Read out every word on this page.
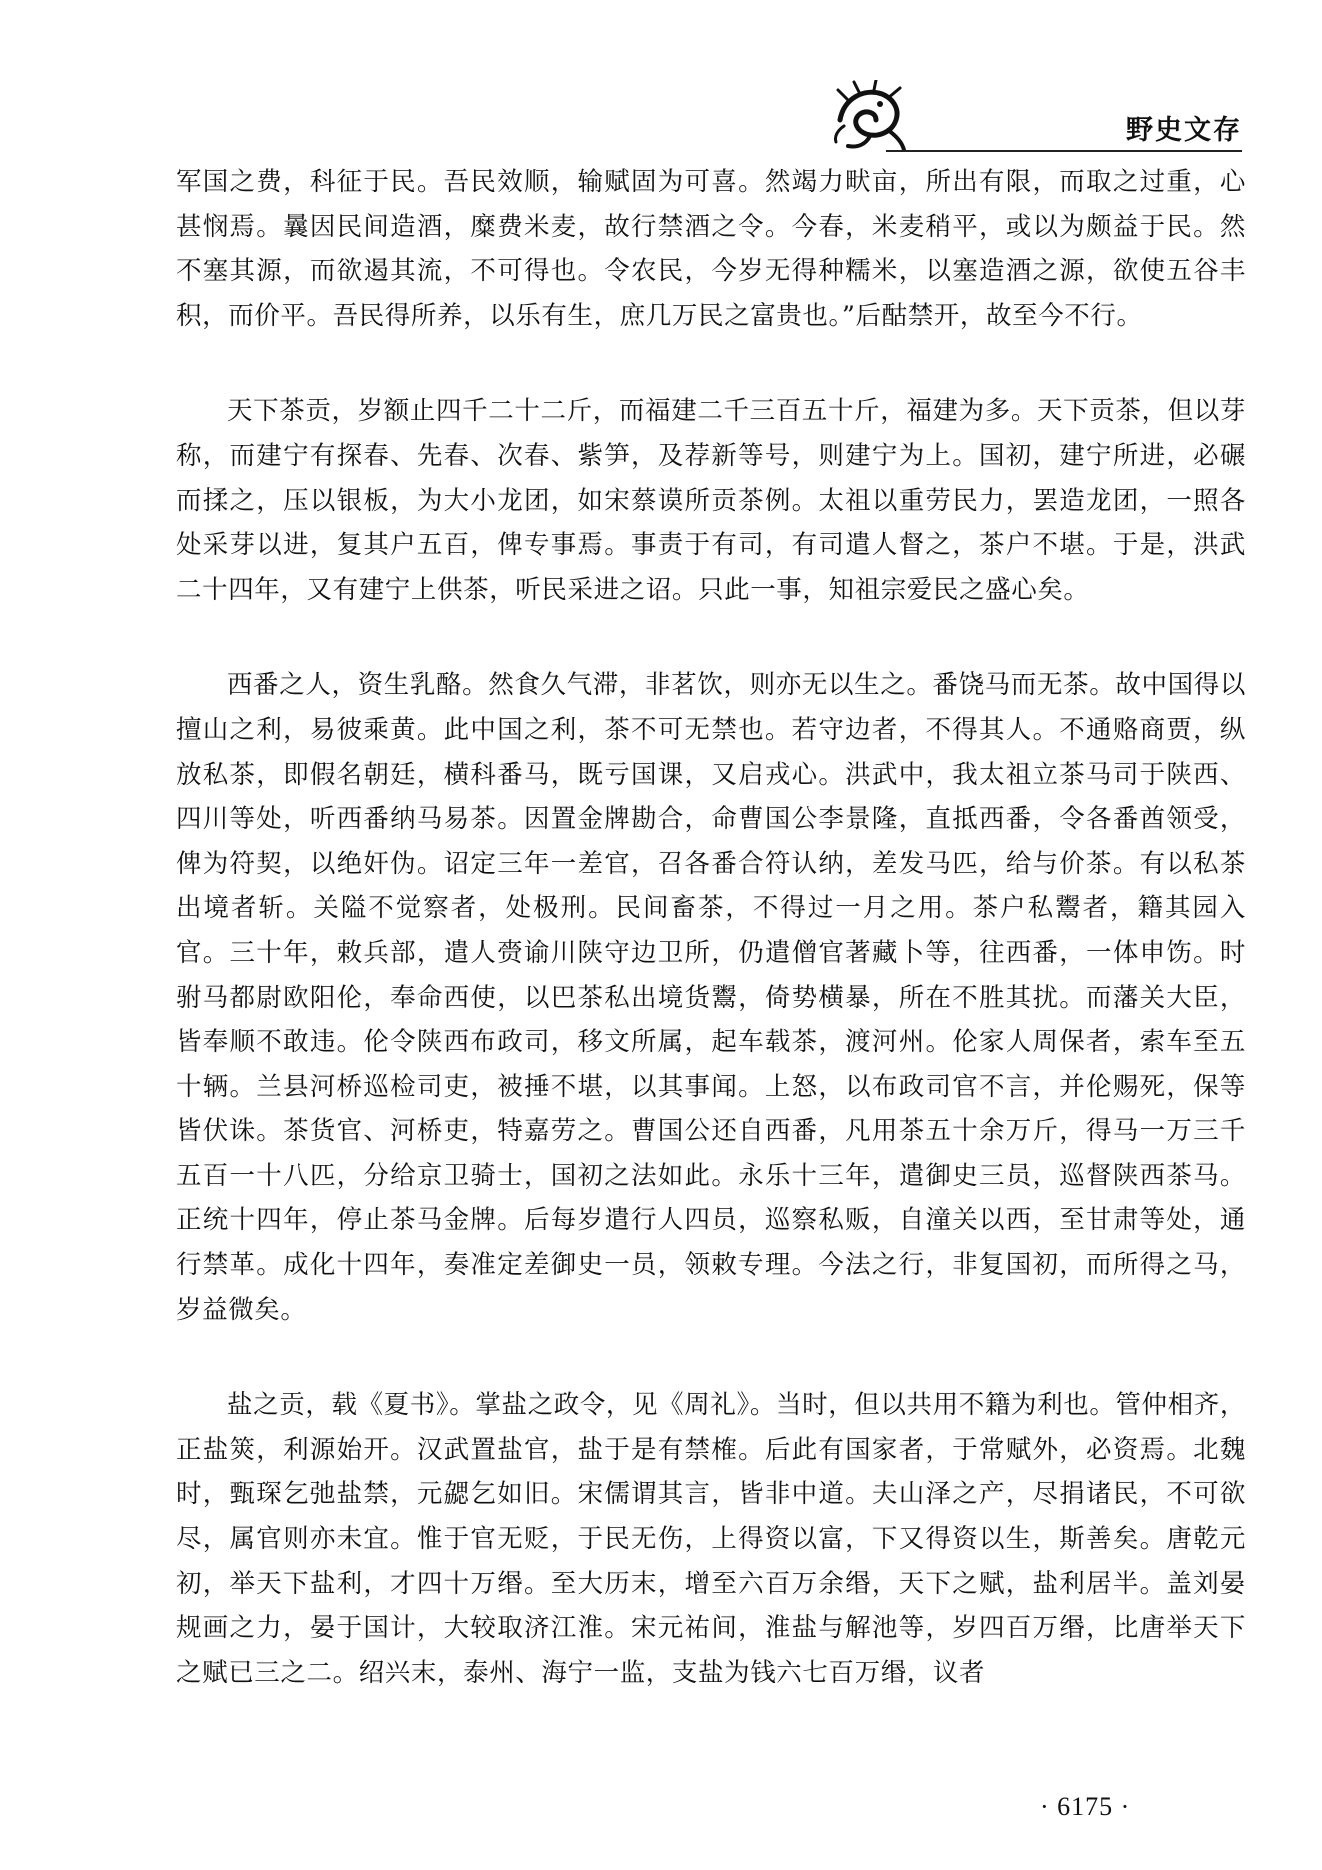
野史文存

军国之费，科征于民。吾民效顺，输赋固为可喜。然竭力畎亩，所出有限，而取之过重，心甚悯焉。曩因民间造酒，糜费米麦，故行禁酒之令。今春，米麦稍平，或以为颇益于民。然不塞其源，而欲遏其流，不可得也。令农民，今岁无得种糯米，以塞造酒之源，欲使五谷丰积，而价平。吾民得所养，以乐有生，庶几万民之富贵也。”后酤禁开，故至今不行。

天下茶贡，岁额止四千二十二斤，而福建二千三百五十斤，福建为多。天下贡茶，但以芽称，而建宁有探春、先春、次春、紫笋，及荐新等号，则建宁为上。国初，建宁所进，必碾而揉之，压以银板，为大小龙团，如宋蔡谟所贡茶例。太祖以重劳民力，罢造龙团，一照各处采芽以进，复其户五百，俾专事焉。事责于有司，有司遣人督之，茶户不堪。于是，洪武二十四年，又有建宁上供茶，听民采进之诏。只此一事，知祖宗爱民之盛心矣。

西番之人，资生乳酪。然食久气滞，非茗饮，则亦无以生之。番饶马而无茶。故中国得以擅山之利，易彼乘黄。此中国之利，茶不可无禁也。若守边者，不得其人。不通赂商贾，纵放私茶，即假名朝廷，横科番马，既亏国课，又启戎心。洪武中，我太祖立茶马司于陕西、四川等处，听西番纳马易茶。因置金牌勘合，命曹国公李景隆，直抵西番，令各番酋领受，俾为符契，以绝奸伪。诏定三年一差官，召各番合符认纳，差发马匹，给与价茶。有以私茶出境者斩。关隘不觉察者，处极刑。民间畜茶，不得过一月之用。茶户私鬻者，籍其园入官。三十年，敕兵部，遣人赍谕川陕守边卫所，仍遣僧官著藏卜等，往西番，一体申饬。时驸马都尉欧阳伦，奉命西使，以巴茶私出境货鬻，倚势横暴，所在不胜其扰。而藩关大臣，皆奉顺不敢违。伦令陕西布政司，移文所属，起车载茶，渡河州。伦家人周保者，索车至五十辆。兰县河桥巡检司吏，被捶不堪，以其事闻。上怒，以布政司官不言，并伦赐死，保等皆伏诛。茶货官、河桥吏，特嘉劳之。曹国公还自西番，凡用茶五十余万斤，得马一万三千五百一十八匹，分给京卫骑士，国初之法如此。永乐十三年，遣御史三员，巡督陕西茶马。正统十四年，停止茶马金牌。后每岁遣行人四员，巡察私贩，自潼关以西，至甘肃等处，通行禁革。成化十四年，奏准定差御史一员，领敕专理。今法之行，非复国初，而所得之马，岁益微矣。

盐之贡，载《夏书》。掌盐之政令，见《周礼》。当时，但以共用不籍为利也。管仲相齐，正盐筴，利源始开。汉武置盐官，盐于是有禁榷。后此有国家者，于常赋外，必资焉。北魏时，甄琛乞弛盐禁，元勰乞如旧。宋儒谓其言，皆非中道。夫山泽之产，尽捐诸民，不可欲尽，属官则亦未宜。惟于官无贬，于民无伤，上得资以富，下又得资以生，斯善矣。唐乾元初，举天下盐利，才四十万缗。至大历末，增至六百万余缗，天下之赋，盐利居半。盖刘晏规画之力，晏于国计，大较取济江淮。宋元祐间，淮盐与解池等，岁四百万缗，比唐举天下之赋已三之二。绍兴末，泰州、海宁一监，支盐为钱六七百万缗，议者

· 6175 ·
